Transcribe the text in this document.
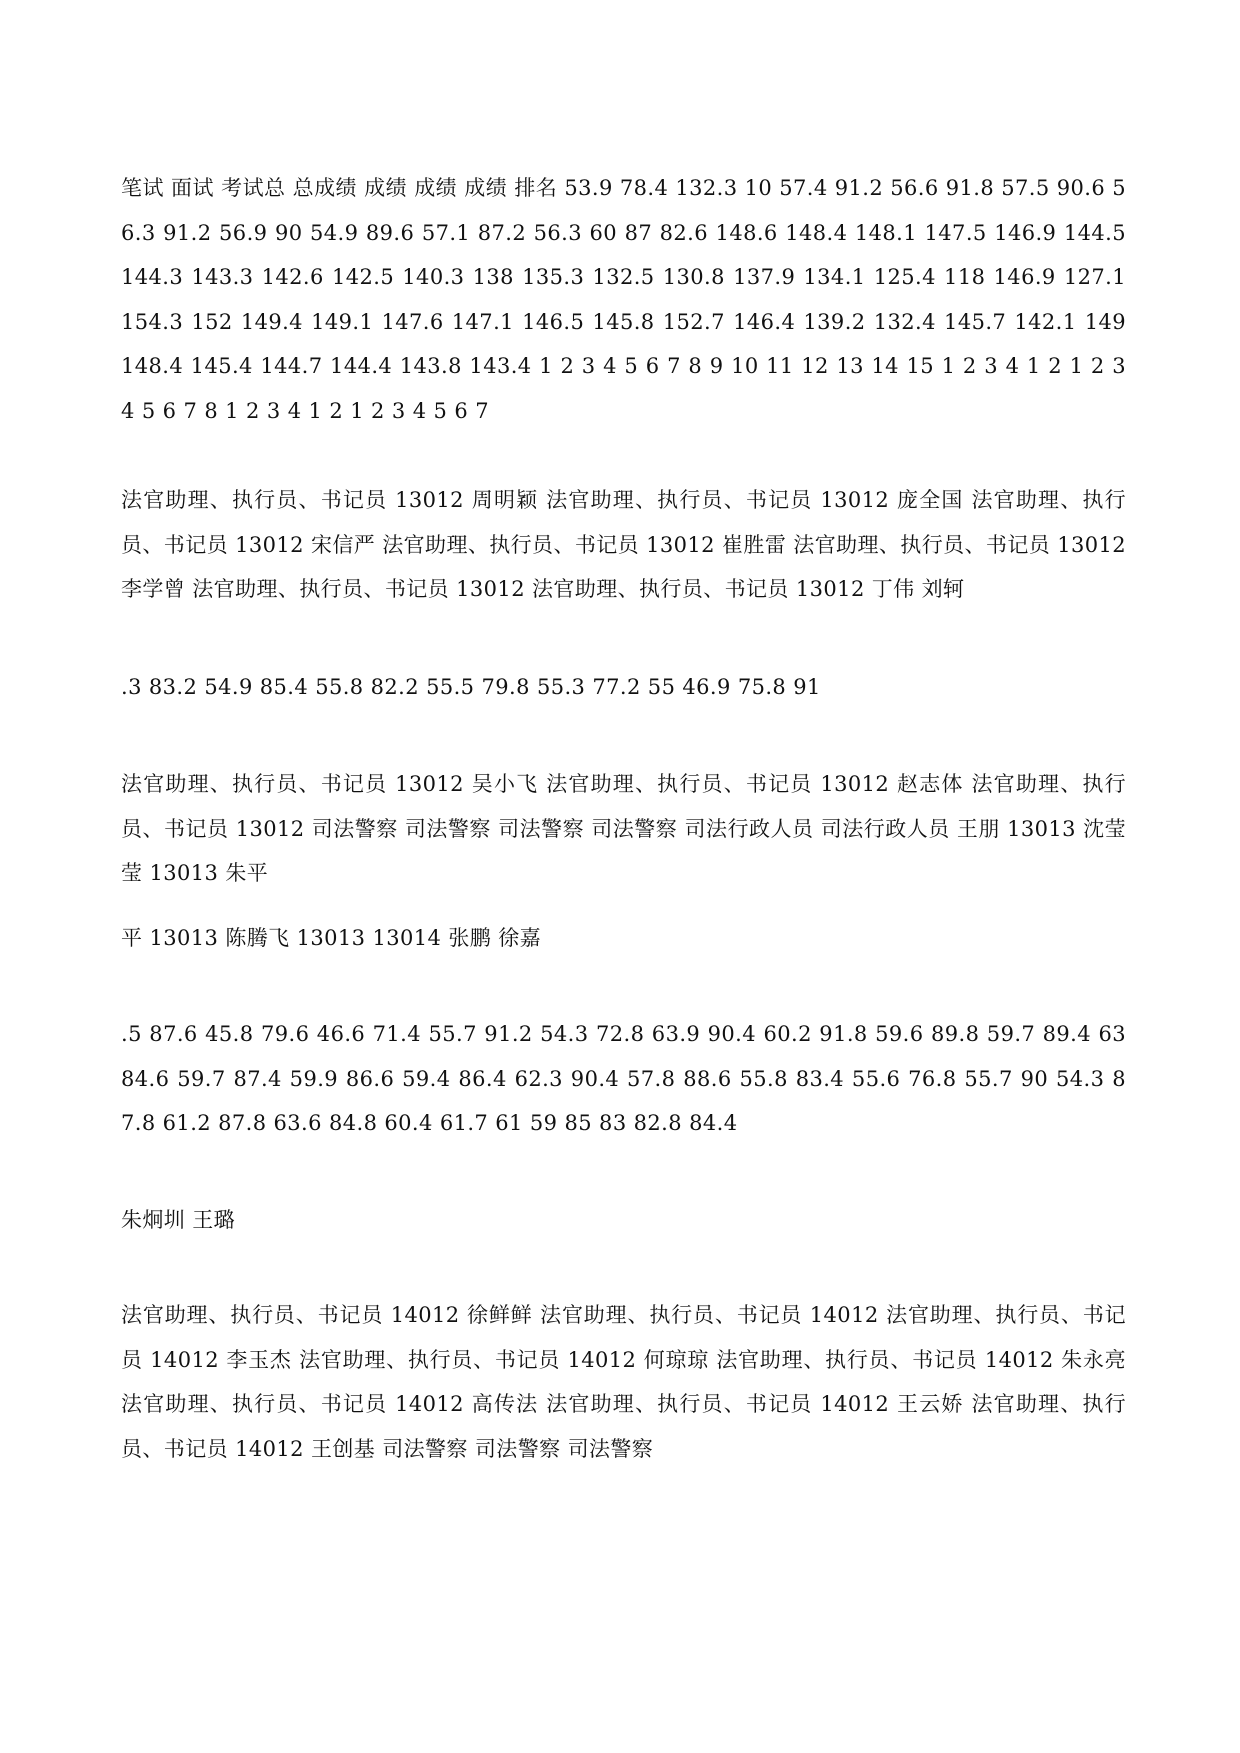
笔试 面试 考试总 总成绩 成绩 成绩 成绩 排名 53.9 78.4 132.3 10 57.4 91.2 56.6 91.8 57.5 90.6 56.3 91.2 56.9 90 54.9 89.6 57.1 87.2 56.3 60 87 82.6 148.6 148.4 148.1 147.5 146.9 144.5 144.3 143.3 142.6 142.5 140.3 138 135.3 132.5 130.8 137.9 134.1 125.4 118 146.9 127.1 154.3 152 149.4 149.1 147.6 147.1 146.5 145.8 152.7 146.4 139.2 132.4 145.7 142.1 149 148.4 145.4 144.7 144.4 143.8 143.4 1 2 3 4 5 6 7 8 9 10 11 12 13 14 15 1 2 3 4 1 2 1 2 3 4 5 6 7 8 1 2 3 4 1 2 1 2 3 4 5 6 7

法官助理、执行员、书记员 13012 周明颖 法官助理、执行员、书记员 13012 庞全国 法官助理、执行员、书记员 13012 宋信严 法官助理、执行员、书记员 13012 崔胜雷 法官助理、执行员、书记员 13012 李学曾 法官助理、执行员、书记员 13012 法官助理、执行员、书记员 13012 丁伟 刘轲

.3 83.2 54.9 85.4 55.8 82.2 55.5 79.8 55.3 77.2 55 46.9 75.8 91

法官助理、执行员、书记员 13012 吴小飞 法官助理、执行员、书记员 13012 赵志体 法官助理、执行员、书记员 13012 司法警察 司法警察 司法警察 司法警察 司法行政人员 司法行政人员 王朋 13013 沈莹莹 13013 朱平

平 13013 陈腾飞 13013 13014 张鹏 徐嘉

.5 87.6 45.8 79.6 46.6 71.4 55.7 91.2 54.3 72.8 63.9 90.4 60.2 91.8 59.6 89.8 59.7 89.4 63 84.6 59.7 87.4 59.9 86.6 59.4 86.4 62.3 90.4 57.8 88.6 55.8 83.4 55.6 76.8 55.7 90 54.3 87.8 61.2 87.8 63.6 84.8 60.4 61.7 61 59 85 83 82.8 84.4

朱炯圳 王璐

法官助理、执行员、书记员 14012 徐鲜鲜 法官助理、执行员、书记员 14012 法官助理、执行员、书记员 14012 李玉杰 法官助理、执行员、书记员 14012 何琼琼 法官助理、执行员、书记员 14012 朱永亮 法官助理、执行员、书记员 14012 高传法 法官助理、执行员、书记员 14012 王云娇 法官助理、执行员、书记员 14012 王创基 司法警察 司法警察 司法警察
